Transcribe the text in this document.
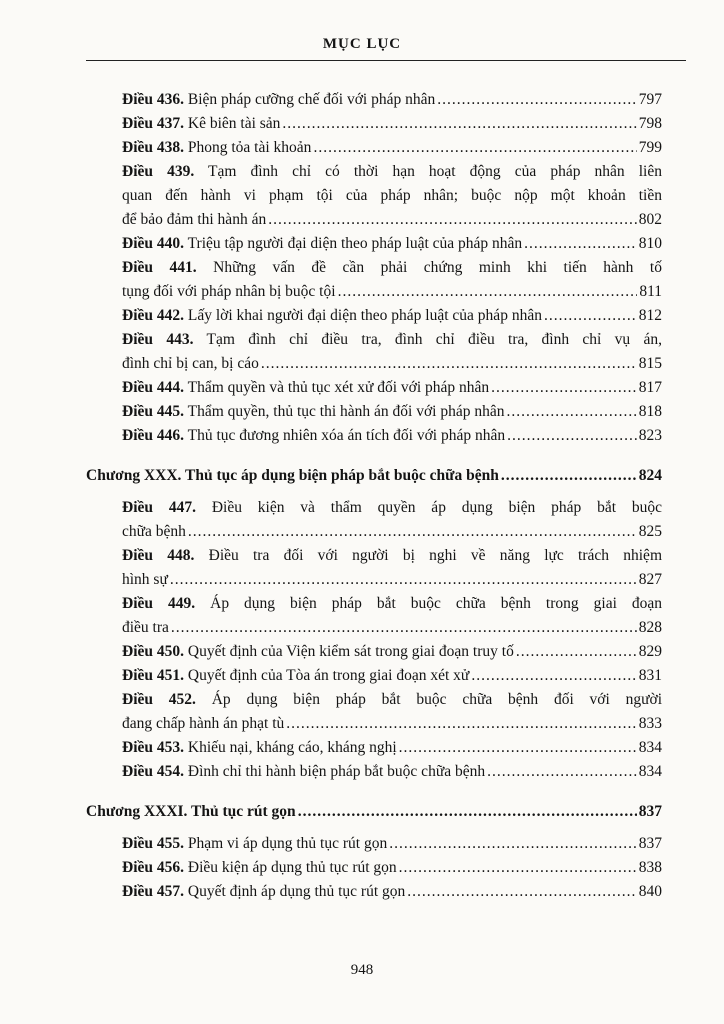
MỤC LỤC
Điều 436. Biện pháp cưỡng chế đối với pháp nhân .....	797
Điều 437. Kê biên tài sản .....	798
Điều 438. Phong tỏa tài khoản .....	799
Điều 439. Tạm đình chỉ có thời hạn hoạt động của pháp nhân liên
quan đến hành vi phạm tội của pháp nhân; buộc nộp một khoản tiền
để bảo đảm thi hành án .....	802
Điều 440. Triệu tập người đại diện theo pháp luật của pháp nhân .....	810
Điều 441. Những vấn đề cần phải chứng minh khi tiến hành tố
tụng đối với pháp nhân bị buộc tội .....	811
Điều 442. Lấy lời khai người đại diện theo pháp luật của pháp nhân .....	812
Điều 443. Tạm đình chỉ điều tra, đình chỉ điều tra, đình chỉ vụ án,
đình chỉ bị can, bị cáo .....	815
Điều 444. Thẩm quyền và thủ tục xét xử đối với pháp nhân .....	817
Điều 445. Thẩm quyền, thủ tục thi hành án đối với pháp nhân .....	818
Điều 446. Thủ tục đương nhiên xóa án tích đối với pháp nhân .....	823
Chương XXX. Thủ tục áp dụng biện pháp bắt buộc chữa bệnh .....	824
Điều 447. Điều kiện và thẩm quyền áp dụng biện pháp bắt buộc
chữa bệnh .....	825
Điều 448. Điều tra đối với người bị nghi về năng lực trách nhiệm
hình sự .....	827
Điều 449. Áp dụng biện pháp bắt buộc chữa bệnh trong giai đoạn
điều tra .....	828
Điều 450. Quyết định của Viện kiểm sát trong giai đoạn truy tố .....	829
Điều 451. Quyết định của Tòa án trong giai đoạn xét xử .....	831
Điều 452. Áp dụng biện pháp bắt buộc chữa bệnh đối với người
đang chấp hành án phạt tù .....	833
Điều 453. Khiếu nại, kháng cáo, kháng nghị .....	834
Điều 454. Đình chỉ thi hành biện pháp bắt buộc chữa bệnh .....	834
Chương XXXI. Thủ tục rút gọn .....	837
Điều 455. Phạm vi áp dụng thủ tục rút gọn .....	837
Điều 456. Điều kiện áp dụng thủ tục rút gọn .....	838
Điều 457. Quyết định áp dụng thủ tục rút gọn .....	840
948
